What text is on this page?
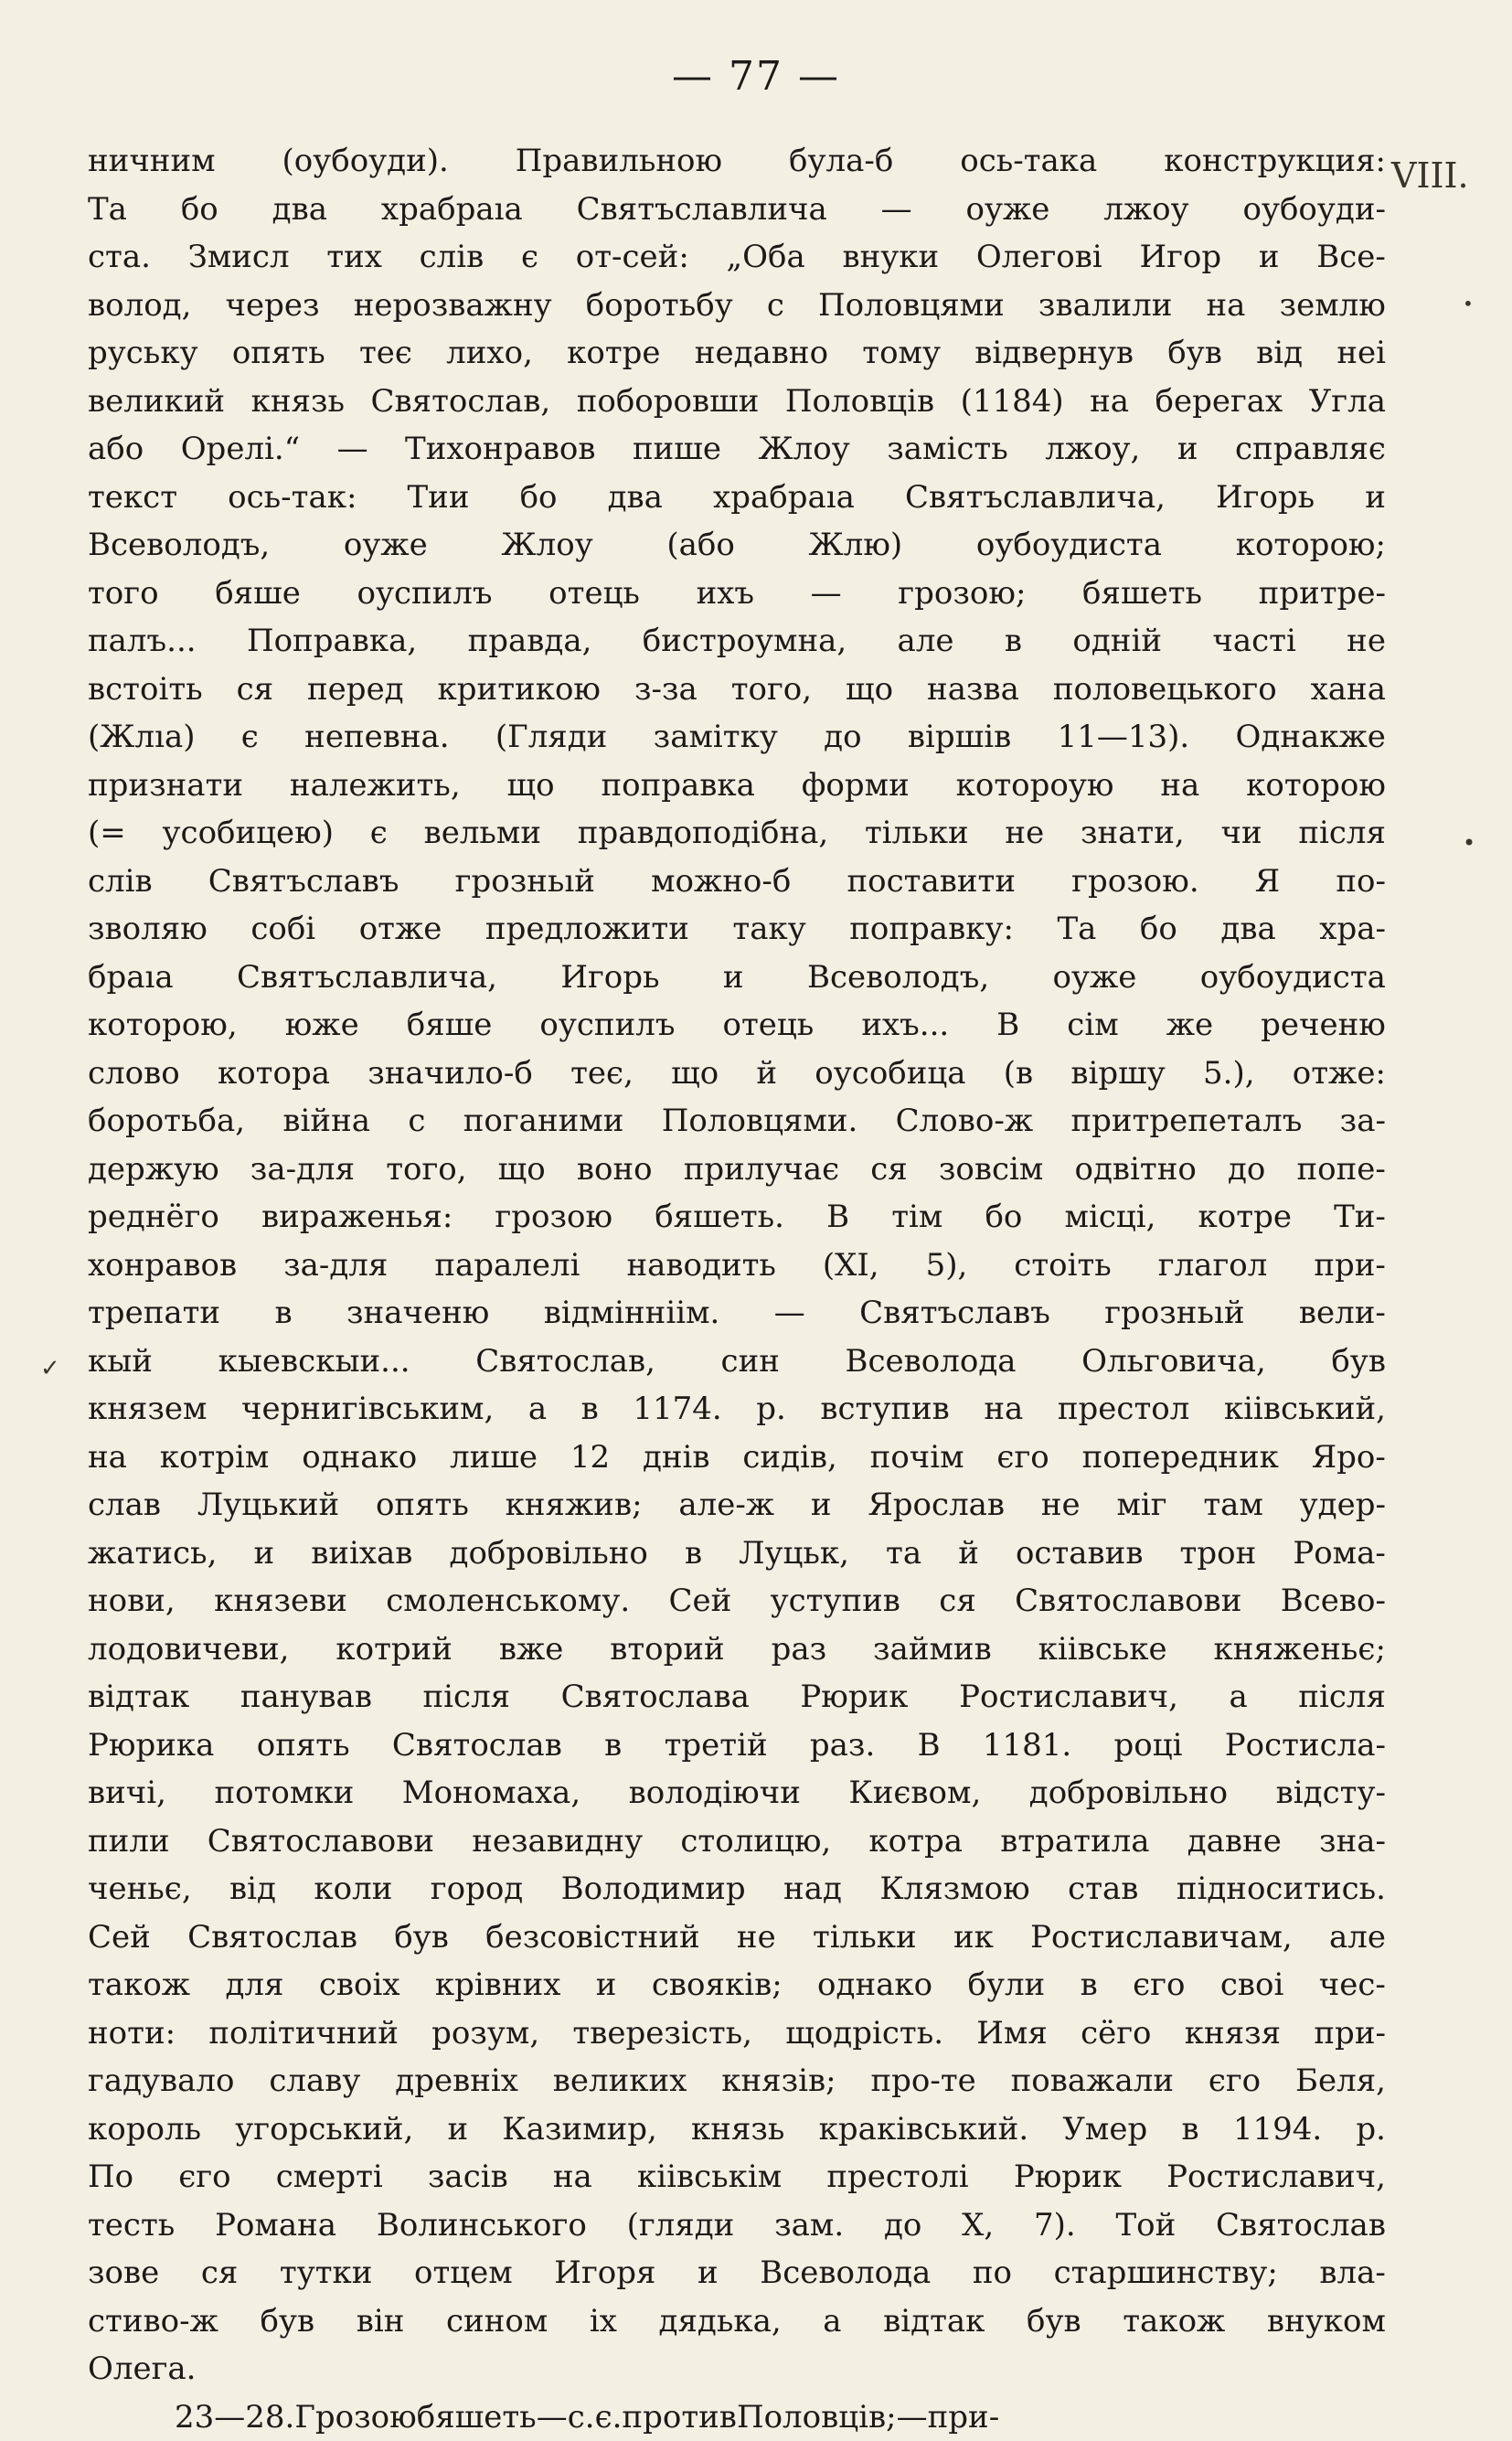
— 77 —
ничним (оубоуди). Правильною була-б ось-така конструкция:
Та бо два храбраıа Святъславлича — оуже лжоу оубоуди-
ста. Змисл тих слів є от-сей: „Оба внуки Олегові Игор и Все-
волод, через нерозважну боротьбу с Половцями звалили на землю
руську опять теє лихо, котре недавно тому відвернув був від неі
великий князь Святослав, поборовши Половців (1184) на берегах Угла
або Орелі.“ — Тихонравов пише Жлоу замість лжоу, и справляє
текст ось-так: Тии бо два храбраıа Святъславлича, Игорь и
Всеволодъ, оуже Жлоу (або Жлю) оубоудиста которою;
того бяше оуспилъ отець ихъ — грозою; бяшеть притре-
палъ... Поправка, правда, бистроумна, але в одній часті не
встоіть ся перед критикою з-за того, що назва половецького хана
(Жлıа) є непевна. (Гляди замітку до віршів 11—13). Однакже
признати належить, що поправка форми котороую на которою
(= усобицею) є вельми правдоподібна, тільки не знати, чи після
слів Святъславъ грозньıй можно-б поставити грозою. Я по-
зволяю собі отже предложити таку поправку: Та бо два хра-
браıа Святъславлича, Игорь и Всеволодъ, оуже оубоудиста
которою, юже бяше оуспилъ отець ихъ... В сім же реченю
слово котора значило-б теє, що й оусобица (в віршу 5.), отже:
боротьба, війна с поганими Половцями. Слово-ж притрепеталъ за-
держую за-для того, що воно прилучає ся зовсім одвітно до попе-
реднёго вираженья: грозою бяшеть. В тім бо місці, котре Ти-
хонравов за-для паралелі наводить (XI, 5), стоіть глагол при-
трепати в значеню відмінніім. — Святъславъ грозньıй вели-
кый кыевскыи... Святослав, син Всеволода Ольговича, був
князем чернигівським, а в 1174. р. вступив на престол кіівський,
на котрім однако лише 12 днів сидів, почім єго попередник Яро-
слав Луцький опять княжив; але-ж и Ярослав не міг там удер-
жатись, и виіхав добровільно в Луцьк, та й оставив трон Рома-
нови, князеви смоленському. Сей уступив ся Святославови Всево-
лодовичеви, котрий вже вторий раз займив кіівське княженьє;
відтак панував після Святослава Рюрик Ростиславич, а після
Рюрика опять Святослав в третій раз. В 1181. році Ростисла-
вичі, потомки Мономаха, володіючи Києвом, добровільно відсту-
пили Святославови незавидну столицю, котра втратила давне зна-
ченьє, від коли город Володимир над Клязмою став підноситись.
Сей Святослав був безсовістний не тільки ик Ростиславичам, але
також для своіх крівних и свояків; однако були в єго своі чес-
ноти: політичний розум, тверезість, щодрість. Имя сёго князя при-
гадувало славу древніх великих князів; про-те поважали єго Беля,
король угорський, и Казимир, князь краківський. Умер в 1194. р.
По єго смерті засів на кіівськім престолі Рюрик Ростиславич,
тесть Романа Волинського (гляди зам. до X, 7). Той Святослав
зове ся тутки отцем Игоря и Всеволода по старшинству; вла-
стиво-ж був він сином іх дядька, а відтак був також внуком
Олега.
23—28. Грозою бяшеть — с. є. против Половців; — при-
VIII.
•
•
✓
